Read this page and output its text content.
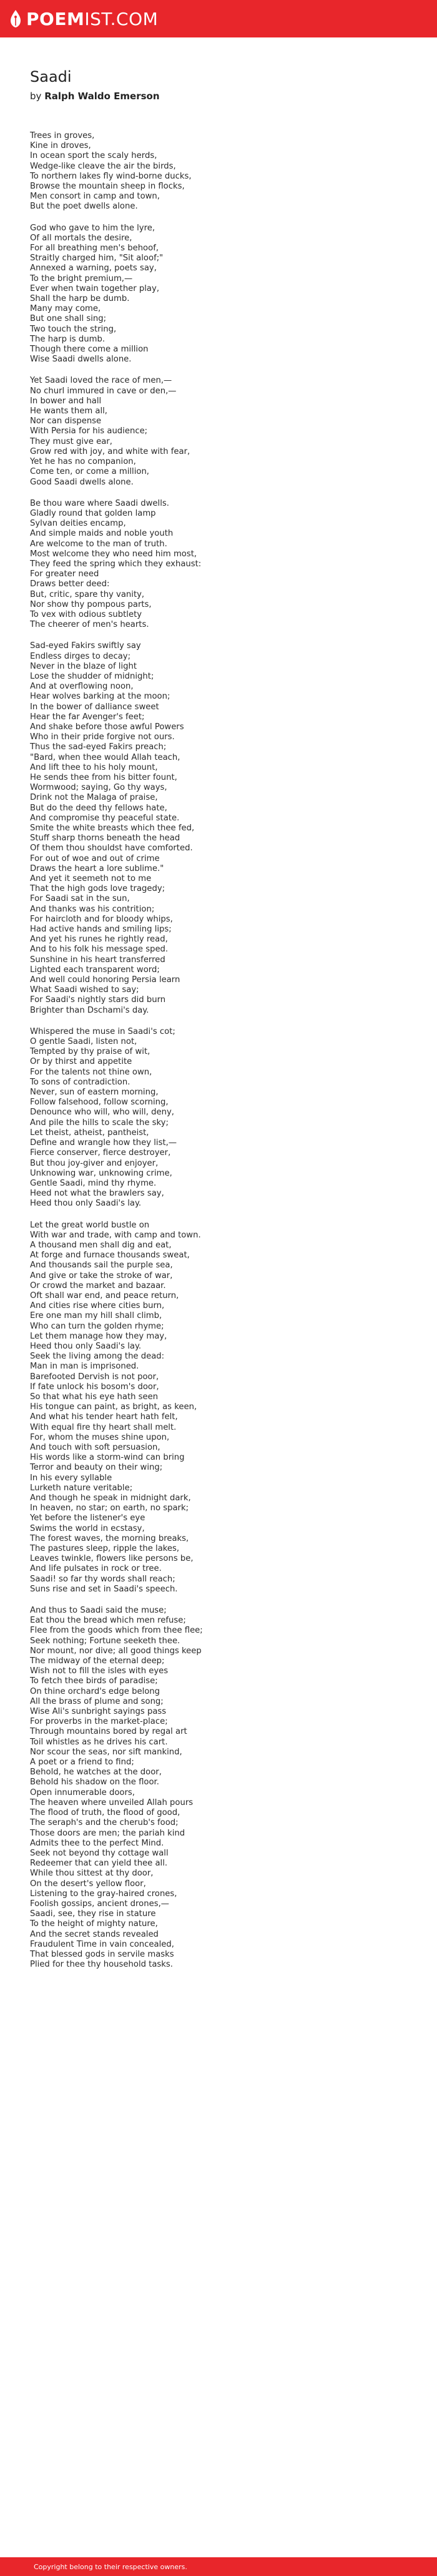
POEM IST.COM
Saadi
by Ralph Waldo Emerson
Trees in groves,
Kine in droves,
In ocean sport the scaly herds,
Wedge-like cleave the air the birds,
To northern lakes fly wind-borne ducks,
Browse the mountain sheep in flocks,
Men consort in camp and town,
But the poet dwells alone.
God who gave to him the lyre,
Of all mortals the desire,
For all breathing men's behoof,
Straitly charged him, "Sit aloof;"
Annexed a warning, poets say,
To the bright premium,—
Ever when twain together play,
Shall the harp be dumb.
Many may come,
But one shall sing;
Two touch the string,
The harp is dumb.
Though there come a million
Wise Saadi dwells alone.
Yet Saadi loved the race of men,—
No churl immured in cave or den,—
In bower and hall
He wants them all,
Nor can dispense
With Persia for his audience;
They must give ear,
Grow red with joy, and white with fear,
Yet he has no companion,
Come ten, or come a million,
Good Saadi dwells alone.
Be thou ware where Saadi dwells.
Gladly round that golden lamp
Sylvan deities encamp,
And simple maids and noble youth
Are welcome to the man of truth.
Most welcome they who need him most,
They feed the spring which they exhaust:
For greater need
Draws better deed:
But, critic, spare thy vanity,
Nor show thy pompous parts,
To vex with odious subtlety
The cheerer of men's hearts.
Sad-eyed Fakirs swiftly say
Endless dirges to decay;
Never in the blaze of light
Lose the shudder of midnight;
And at overflowing noon,
Hear wolves barking at the moon;
In the bower of dalliance sweet
Hear the far Avenger's feet;
And shake before those awful Powers
Who in their pride forgive not ours.
Thus the sad-eyed Fakirs preach;
"Bard, when thee would Allah teach,
And lift thee to his holy mount,
He sends thee from his bitter fount,
Wormwood; saying, Go thy ways,
Drink not the Malaga of praise,
But do the deed thy fellows hate,
And compromise thy peaceful state.
Smite the white breasts which thee fed,
Stuff sharp thorns beneath the head
Of them thou shouldst have comforted.
For out of woe and out of crime
Draws the heart a lore sublime."
And yet it seemeth not to me
That the high gods love tragedy;
For Saadi sat in the sun,
And thanks was his contrition;
For haircloth and for bloody whips,
Had active hands and smiling lips;
And yet his runes he rightly read,
And to his folk his message sped.
Sunshine in his heart transferred
Lighted each transparent word;
And well could honoring Persia learn
What Saadi wished to say;
For Saadi's nightly stars did burn
Brighter than Dschami's day.
Whispered the muse in Saadi's cot;
O gentle Saadi, listen not,
Tempted by thy praise of wit,
Or by thirst and appetite
For the talents not thine own,
To sons of contradiction.
Never, sun of eastern morning,
Follow falsehood, follow scorning,
Denounce who will, who will, deny,
And pile the hills to scale the sky;
Let theist, atheist, pantheist,
Define and wrangle how they list,—
Fierce conserver, fierce destroyer,
But thou joy-giver and enjoyer,
Unknowing war, unknowing crime,
Gentle Saadi, mind thy rhyme.
Heed not what the brawlers say,
Heed thou only Saadi's lay.
Let the great world bustle on
With war and trade, with camp and town.
A thousand men shall dig and eat,
At forge and furnace thousands sweat,
And thousands sail the purple sea,
And give or take the stroke of war,
Or crowd the market and bazaar.
Oft shall war end, and peace return,
And cities rise where cities burn,
Ere one man my hill shall climb,
Who can turn the golden rhyme;
Let them manage how they may,
Heed thou only Saadi's lay.
Seek the living among the dead:
Man in man is imprisoned.
Barefooted Dervish is not poor,
If fate unlock his bosom's door,
So that what his eye hath seen
His tongue can paint, as bright, as keen,
And what his tender heart hath felt,
With equal fire thy heart shall melt.
For, whom the muses shine upon,
And touch with soft persuasion,
His words like a storm-wind can bring
Terror and beauty on their wing;
In his every syllable
Lurketh nature veritable;
And though he speak in midnight dark,
In heaven, no star; on earth, no spark;
Yet before the listener's eye
Swims the world in ecstasy,
The forest waves, the morning breaks,
The pastures sleep, ripple the lakes,
Leaves twinkle, flowers like persons be,
And life pulsates in rock or tree.
Saadi! so far thy words shall reach;
Suns rise and set in Saadi's speech.
And thus to Saadi said the muse;
Eat thou the bread which men refuse;
Flee from the goods which from thee flee;
Seek nothing; Fortune seeketh thee.
Nor mount, nor dive; all good things keep
The midway of the eternal deep;
Wish not to fill the isles with eyes
To fetch thee birds of paradise;
On thine orchard's edge belong
All the brass of plume and song;
Wise Ali's sunbright sayings pass
For proverbs in the market-place;
Through mountains bored by regal art
Toil whistles as he drives his cart.
Nor scour the seas, nor sift mankind,
A poet or a friend to find;
Behold, he watches at the door,
Behold his shadow on the floor.
Open innumerable doors,
The heaven where unveiled Allah pours
The flood of truth, the flood of good,
The seraph's and the cherub's food;
Those doors are men; the pariah kind
Admits thee to the perfect Mind.
Seek not beyond thy cottage wall
Redeemer that can yield thee all.
While thou sittest at thy door,
On the desert's yellow floor,
Listening to the gray-haired crones,
Foolish gossips, ancient drones,—
Saadi, see, they rise in stature
To the height of mighty nature,
And the secret stands revealed
Fraudulent Time in vain concealed,
That blessed gods in servile masks
Plied for thee thy household tasks.
Copyright belong to their respective owners.
